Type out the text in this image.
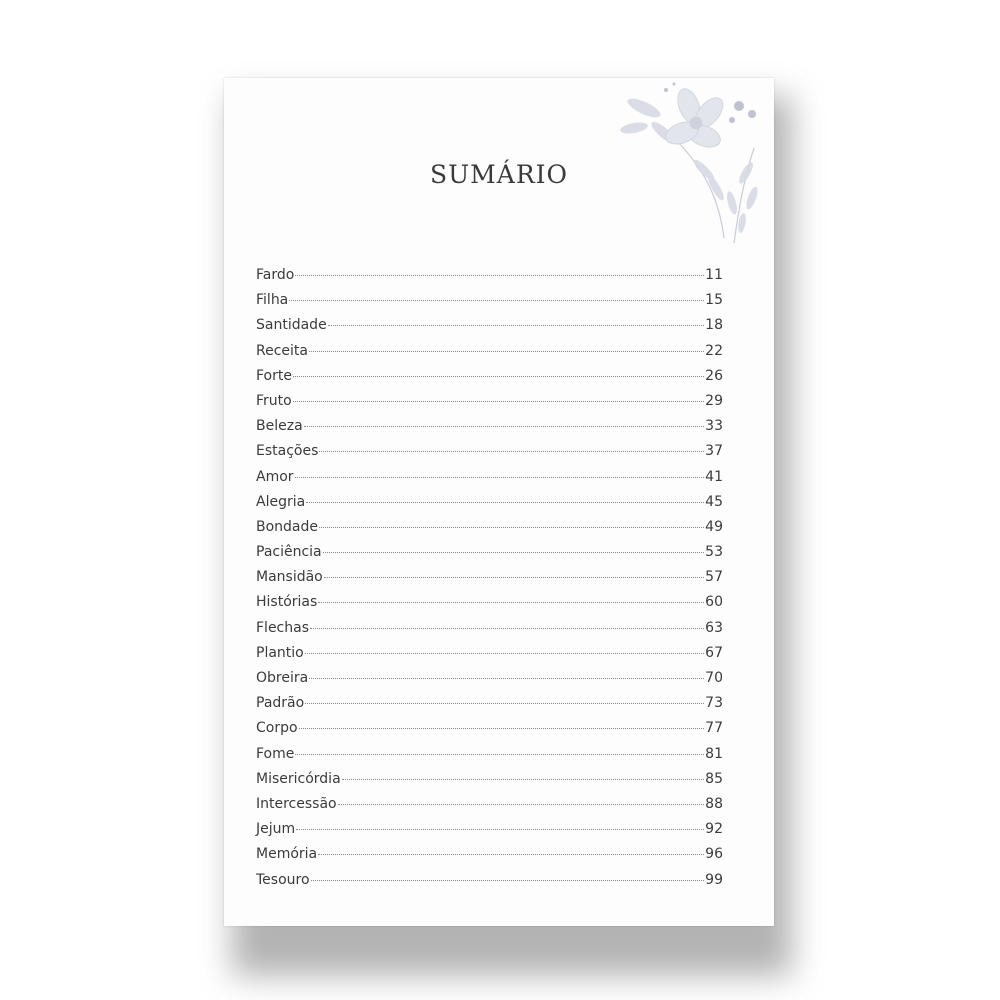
SUMÁRIO
Fardo	11
Filha	15
Santidade	18
Receita	22
Forte	26
Fruto	29
Beleza	33
Estações	37
Amor	41
Alegria	45
Bondade	49
Paciência	53
Mansidão	57
Histórias	60
Flechas	63
Plantio	67
Obreira	70
Padrão	73
Corpo	77
Fome	81
Misericórdia	85
Intercessão	88
Jejum	92
Memória	96
Tesouro	99
